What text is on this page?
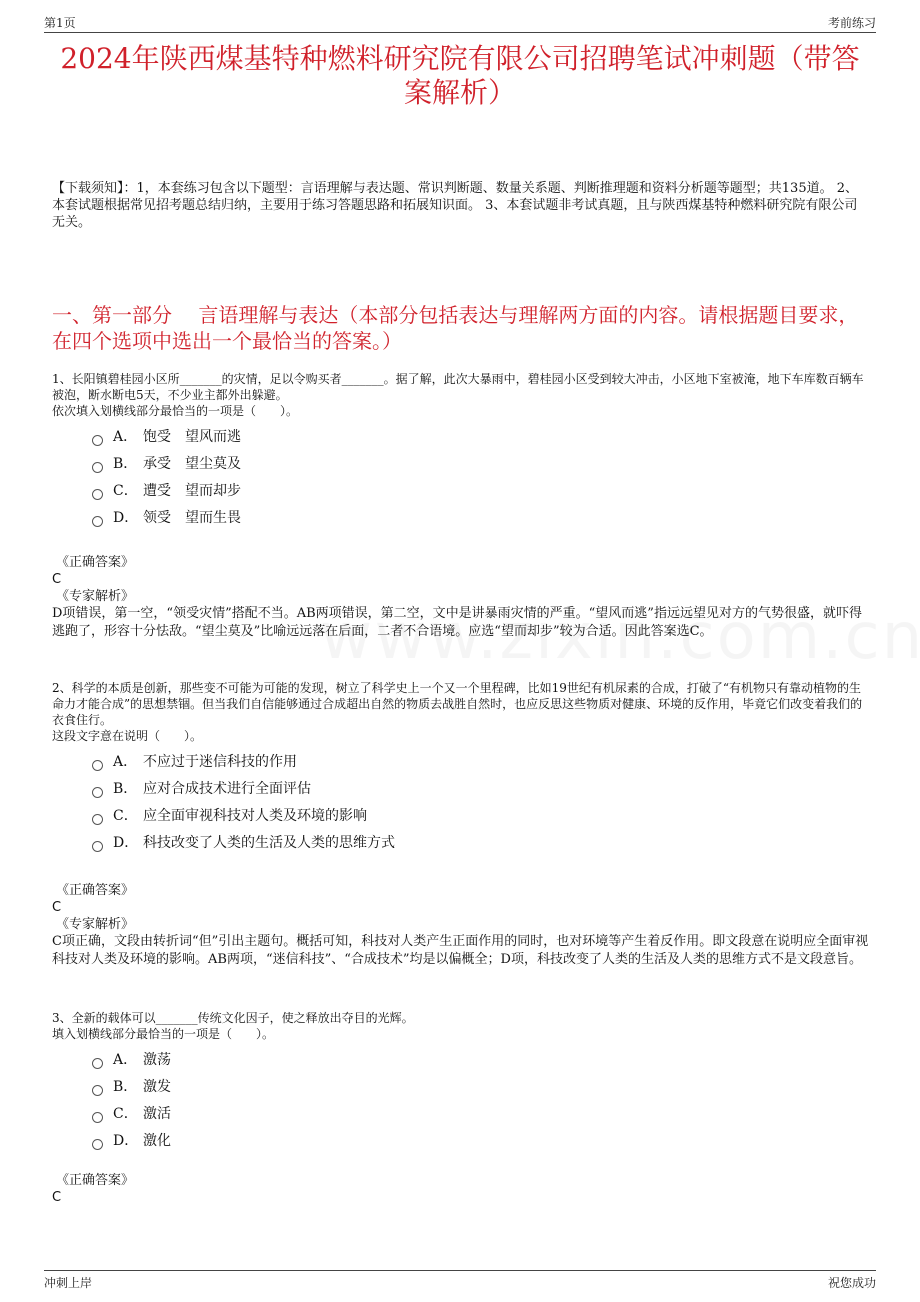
第1页	考前练习
2024年陕西煤基特种燃料研究院有限公司招聘笔试冲刺题（带答案解析）
【下载须知】：1，本套练习包含以下题型：言语理解与表达题、常识判断题、数量关系题、判断推理题和资料分析题等题型；共135道。 2、本套试题根据常见招考题总结归纳，主要用于练习答题思路和拓展知识面。 3、本套试题非考试真题，且与陕西煤基特种燃料研究院有限公司无关。
一、第一部分　 言语理解与表达（本部分包括表达与理解两方面的内容。请根据题目要求，在四个选项中选出一个最恰当的答案。）

1、长阳镇碧桂园小区所_______的灾情，足以令购买者_______。据了解，此次大暴雨中，碧桂园小区受到较大冲击，小区地下室被淹，地下车库数百辆车被泡，断水断电5天，不少业主都外出躲避。

依次填入划横线部分最恰当的一项是（　　）。

A． 饱受　望风而逃
B． 承受　望尘莫及
C． 遭受　望而却步
D． 领受　望而生畏
《正确答案》
C
《专家解析》
D项错误，第一空，“领受灾情”搭配不当。AB两项错误，第二空，文中是讲暴雨灾情的严重。“望风而逃”指远远望见对方的气势很盛，就吓得逃跑了，形容十分怯敌。“望尘莫及”比喻远远落在后面，二者不合语境。应选“望而却步”较为合适。因此答案选C。

2、科学的本质是创新，那些变不可能为可能的发现，树立了科学史上一个又一个里程碑，比如19世纪有机尿素的合成，打破了“有机物只有靠动植物的生命力才能合成”的思想禁锢。但当我们自信能够通过合成超出自然的物质去战胜自然时，也应反思这些物质对健康、环境的反作用，毕竟它们改变着我们的衣食住行。

这段文字意在说明（　　）。

A． 不应过于迷信科技的作用
B． 应对合成技术进行全面评估
C． 应全面审视科技对人类及环境的影响
D． 科技改变了人类的生活及人类的思维方式
《正确答案》
C
《专家解析》
C项正确，文段由转折词“但”引出主题句。概括可知，科技对人类产生正面作用的同时，也对环境等产生着反作用。即文段意在说明应全面审视科技对人类及环境的影响。AB两项，“迷信科技”、“合成技术”均是以偏概全；D项，科技改变了人类的生活及人类的思维方式不是文段意旨。

3、全新的载体可以_______传统文化因子，使之释放出夺目的光辉。

填入划横线部分最恰当的一项是（　　）。

A． 激荡
B． 激发
C． 激活
D． 激化
《正确答案》
C
冲刺上岸	祝您成功
